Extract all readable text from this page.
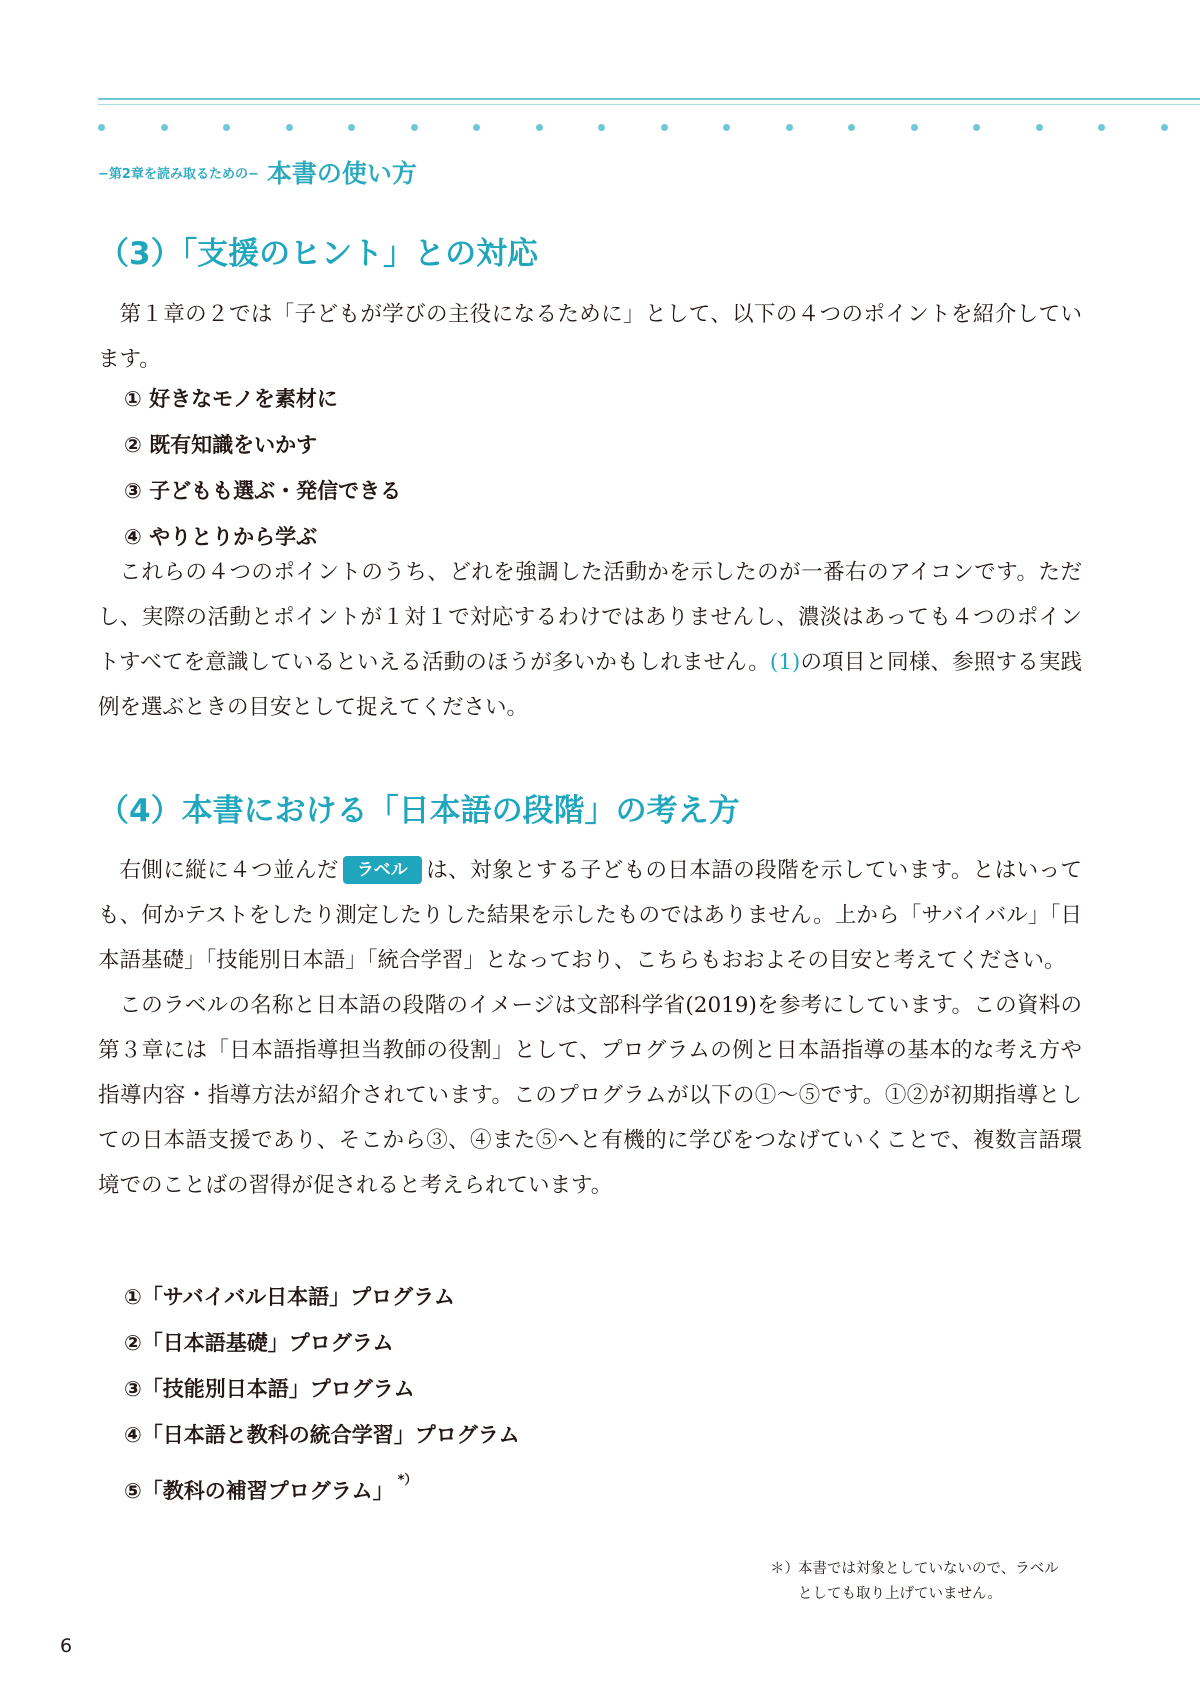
−第2章を読み取るための− 本書の使い方
（3）「支援のヒント」との対応

第１章の２では「子どもが学びの主役になるために」として、以下の４つのポイントを紹介しています。

① 好きなモノを素材に
② 既有知識をいかす
③ 子どもも選ぶ・発信できる
④ やりとりから学ぶ

これらの４つのポイントのうち、どれを強調した活動かを示したのが一番右のアイコンです。ただし、実際の活動とポイントが１対１で対応するわけではありませんし、濃淡はあっても４つのポイントすべてを意識しているといえる活動のほうが多いかもしれません。(1)の項目と同様、参照する実践例を選ぶときの目安として捉えてください。

（4）本書における「日本語の段階」の考え方

右側に縦に４つ並んだ ラベル は、対象とする子どもの日本語の段階を示しています。とはいっても、何かテストをしたり測定したりした結果を示したものではありません。上から「サバイバル」「日本語基礎」「技能別日本語」「統合学習」となっており、こちらもおおよその目安と考えてください。

このラベルの名称と日本語の段階のイメージは文部科学省(2019)を参考にしています。この資料の第３章には「日本語指導担当教師の役割」として、プログラムの例と日本語指導の基本的な考え方や指導内容・指導方法が紹介されています。このプログラムが以下の①〜⑤です。①②が初期指導としての日本語支援であり、そこから③、④また⑤へと有機的に学びをつなげていくことで、複数言語環境でのことばの習得が促されると考えられています。

①「サバイバル日本語」プログラム
②「日本語基礎」プログラム
③「技能別日本語」プログラム
④「日本語と教科の統合学習」プログラム
⑤「教科の補習プログラム」 *）
＊）本書では対象としていないので、ラベル
としても取り上げていません。
6
